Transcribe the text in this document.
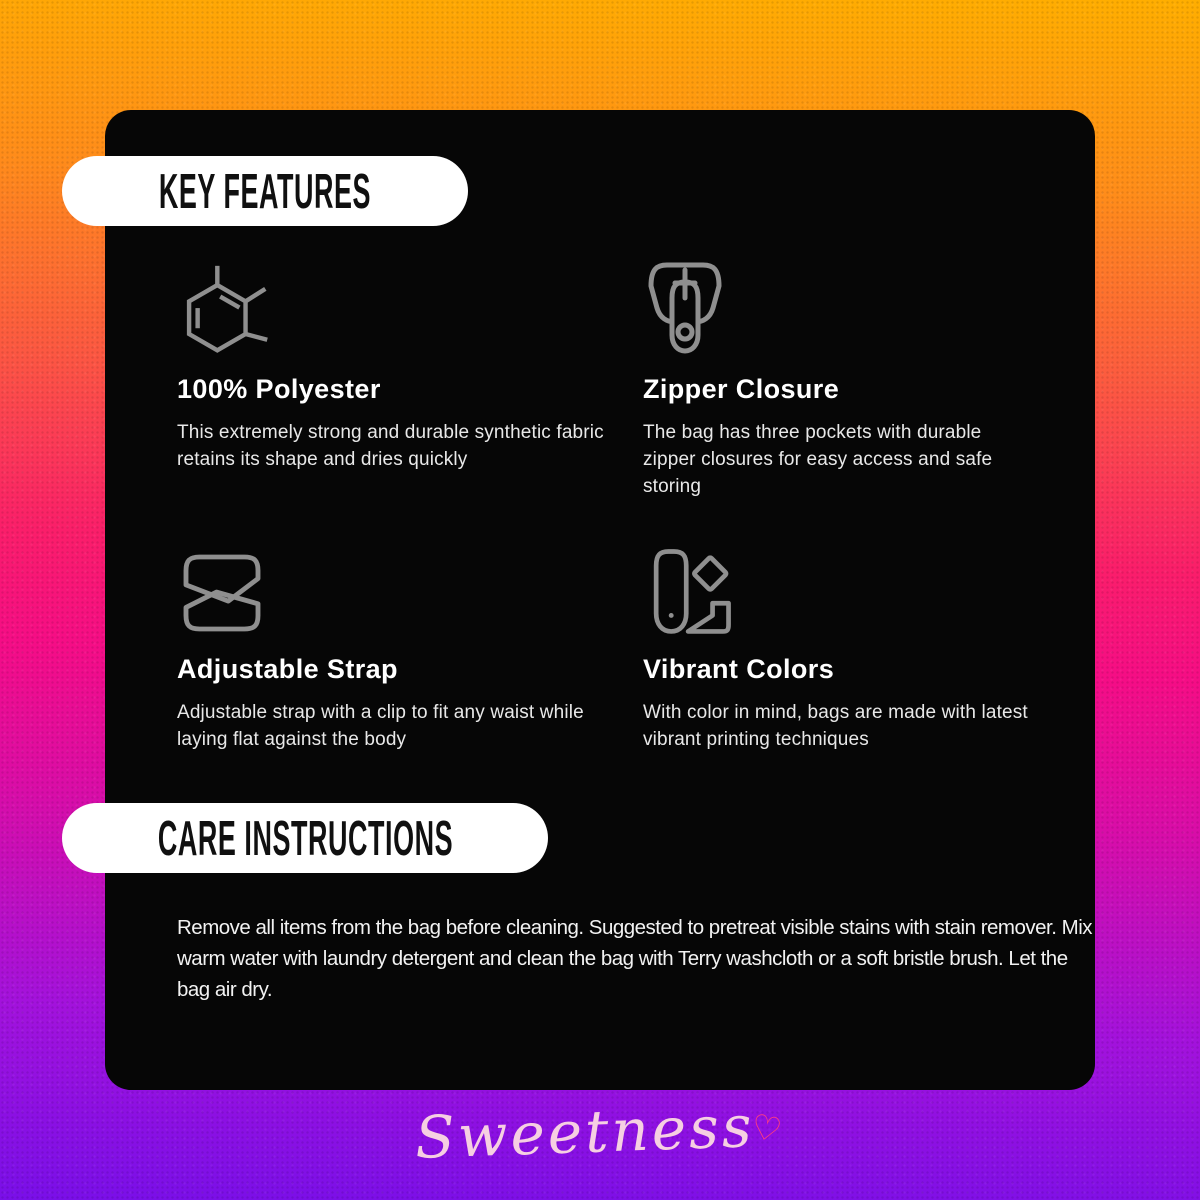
100% Polyester

This extremely strong and durable synthetic fabric retains its shape and dries quickly

Zipper Closure

The bag has three pockets with durable zipper closures for easy access and safe storing

Adjustable Strap

Adjustable strap with a clip to fit any waist while laying flat against the body

Vibrant Colors

With color in mind, bags are made with latest vibrant printing techniques

Remove all items from the bag before cleaning. Suggested to pretreat visible stains with stain remover. Mix warm water with laundry detergent and clean the bag with Terry washcloth or a soft bristle brush. Let the bag air dry.

KEY FEATURES
CARE INSTRUCTIONS
Sweetness♡
